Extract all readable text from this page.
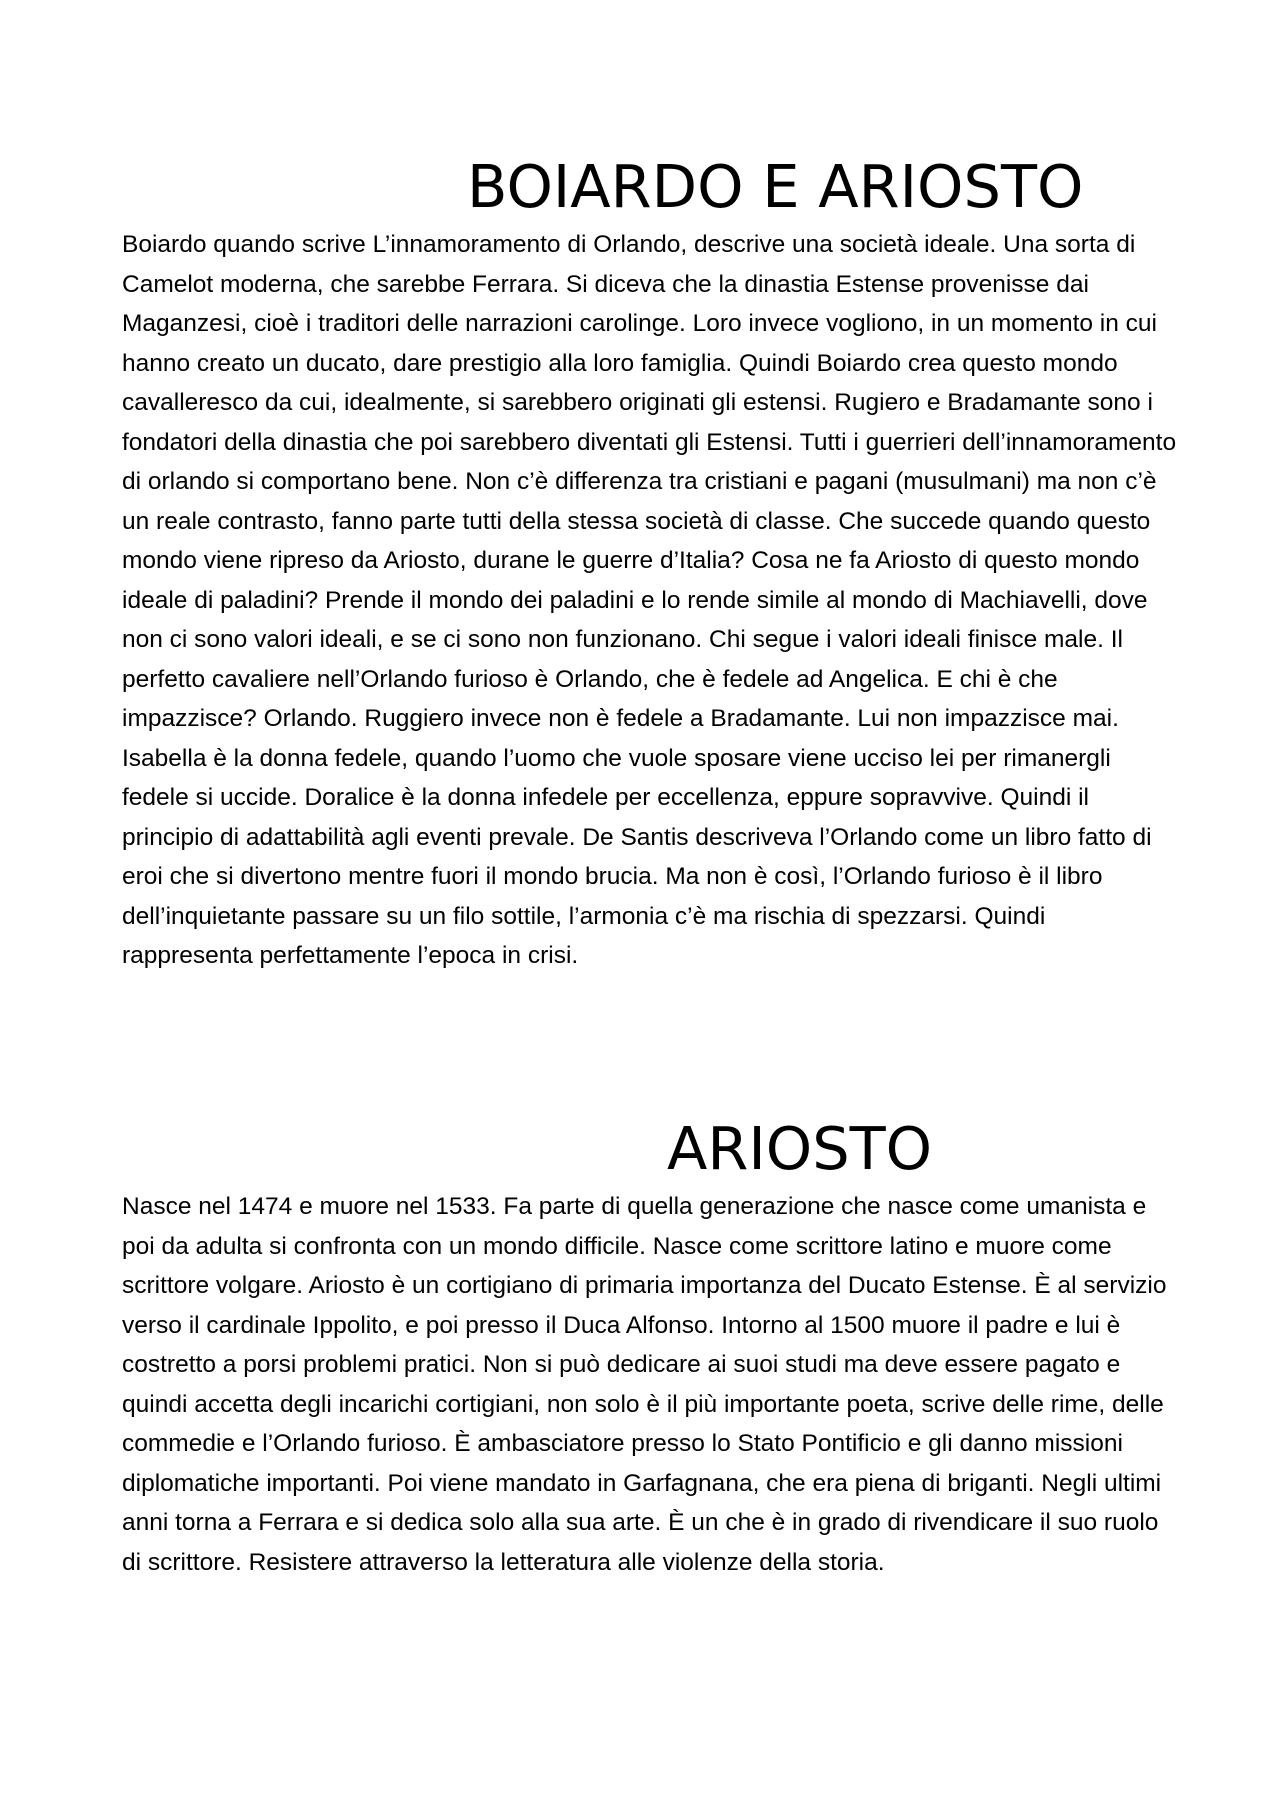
BOIARDO E ARIOSTO

Boiardo quando scrive L’innamoramento di Orlando, descrive una società ideale. Una sorta di Camelot moderna, che sarebbe Ferrara. Si diceva che la dinastia Estense provenisse dai Maganzesi, cioè i traditori delle narrazioni carolinge. Loro invece vogliono, in un momento in cui hanno creato un ducato, dare prestigio alla loro famiglia. Quindi Boiardo crea questo mondo cavalleresco da cui, idealmente, si sarebbero originati gli estensi. Rugiero e Bradamante sono i fondatori della dinastia che poi sarebbero diventati gli Estensi. Tutti i guerrieri dell’innamoramento di orlando si comportano bene. Non c’è differenza tra cristiani e pagani (musulmani) ma non c’è un reale contrasto, fanno parte tutti della stessa società di classe. Che succede quando questo mondo viene ripreso da Ariosto, durane le guerre d’Italia? Cosa ne fa Ariosto di questo mondo ideale di paladini? Prende il mondo dei paladini e lo rende simile al mondo di Machiavelli, dove non ci sono valori ideali, e se ci sono non funzionano. Chi segue i valori ideali finisce male. Il perfetto cavaliere nell’Orlando furioso è Orlando, che è fedele ad Angelica. E chi è che impazzisce? Orlando. Ruggiero invece non è fedele a Bradamante. Lui non impazzisce mai. Isabella è la donna fedele, quando l’uomo che vuole sposare viene ucciso lei per rimanergli fedele si uccide. Doralice è la donna infedele per eccellenza, eppure sopravvive. Quindi il principio di adattabilità agli eventi prevale. De Santis descriveva l’Orlando come un libro fatto di eroi che si divertono mentre fuori il mondo brucia. Ma non è così, l’Orlando furioso è il libro dell’inquietante passare su un filo sottile, l’armonia c’è ma rischia di spezzarsi. Quindi rappresenta perfettamente l’epoca in crisi.

ARIOSTO

Nasce nel 1474 e muore nel 1533. Fa parte di quella generazione che nasce come umanista e poi da adulta si confronta con un mondo difficile. Nasce come scrittore latino e muore come scrittore volgare. Ariosto è un cortigiano di primaria importanza del Ducato Estense. È al servizio verso il cardinale Ippolito, e poi presso il Duca Alfonso. Intorno al 1500 muore il padre e lui è costretto a porsi problemi pratici. Non si può dedicare ai suoi studi ma deve essere pagato e quindi accetta degli incarichi cortigiani, non solo è il più importante poeta, scrive delle rime, delle commedie e l’Orlando furioso. È ambasciatore presso lo Stato Pontificio e gli danno missioni diplomatiche importanti. Poi viene mandato in Garfagnana, che era piena di briganti. Negli ultimi anni torna a Ferrara e si dedica solo alla sua arte. È un che è in grado di rivendicare il suo ruolo di scrittore. Resistere attraverso la letteratura alle violenze della storia.
